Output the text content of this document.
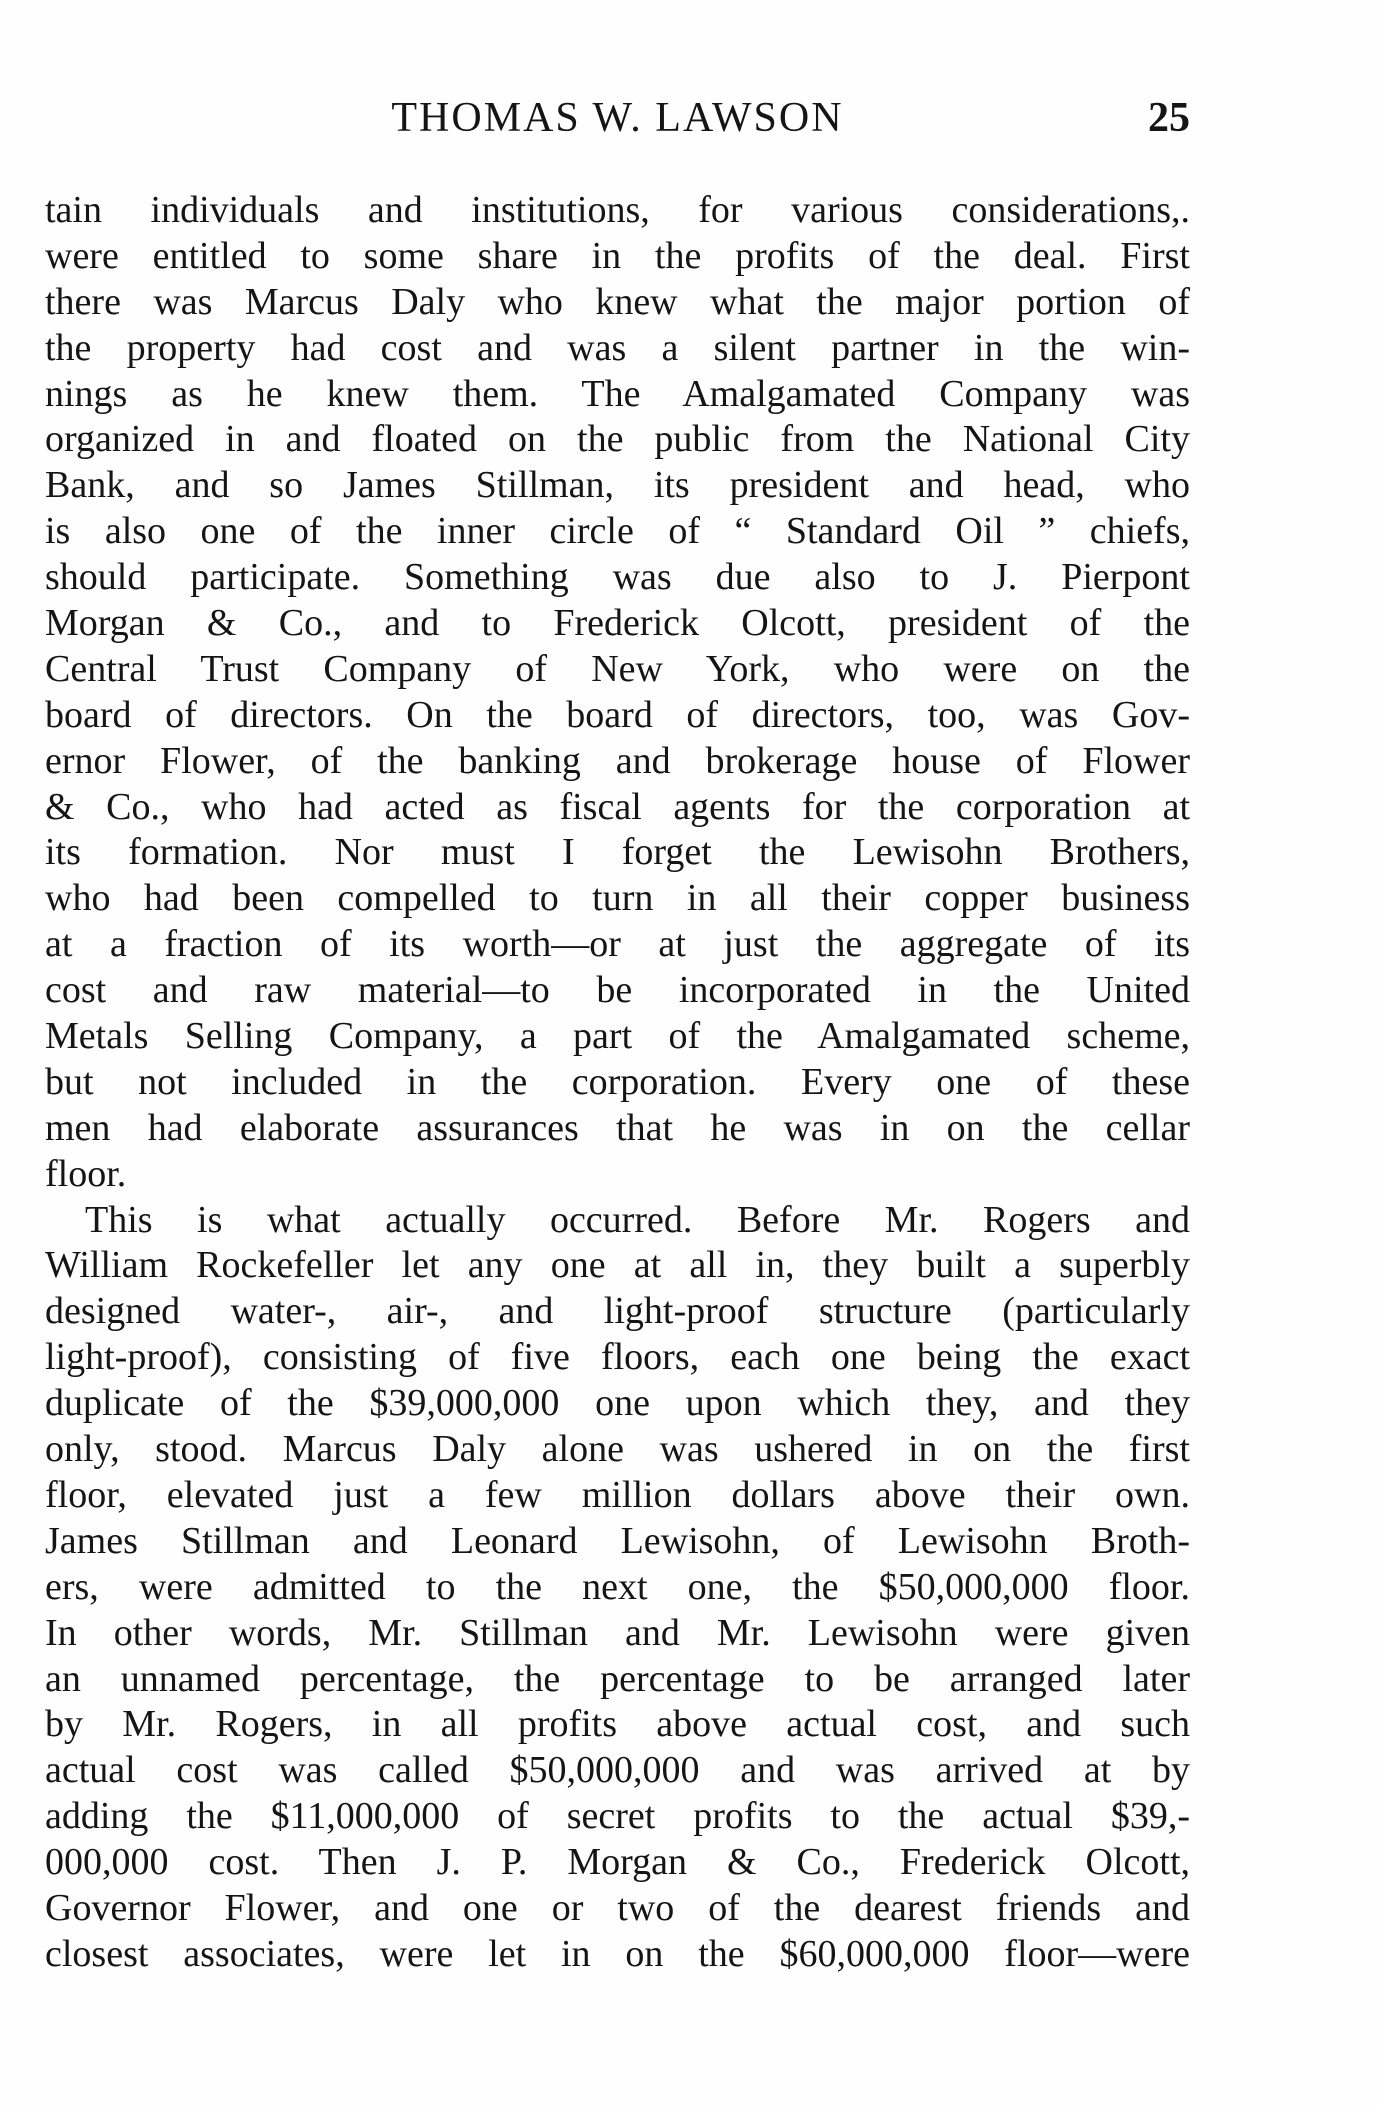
THOMAS W. LAWSON	25
tain individuals and institutions, for various considerations,.
were entitled to some share in the profits of the deal. First
there was Marcus Daly who knew what the major portion of
the property had cost and was a silent partner in the win-
nings as he knew them. The Amalgamated Company was
organized in and floated on the public from the National City
Bank, and so James Stillman, its president and head, who
is also one of the inner circle of “ Standard Oil ” chiefs,
should participate. Something was due also to J. Pierpont
Morgan & Co., and to Frederick Olcott, president of the
Central Trust Company of New York, who were on the
board of directors. On the board of directors, too, was Gov-
ernor Flower, of the banking and brokerage house of Flower
& Co., who had acted as fiscal agents for the corporation at
its formation. Nor must I forget the Lewisohn Brothers,
who had been compelled to turn in all their copper business
at a fraction of its worth—or at just the aggregate of its
cost and raw material—to be incorporated in the United
Metals Selling Company, a part of the Amalgamated scheme,
but not included in the corporation. Every one of these
men had elaborate assurances that he was in on the cellar
floor.
This is what actually occurred. Before Mr. Rogers and
William Rockefeller let any one at all in, they built a superbly
designed water-, air-, and light-proof structure (particularly
light-proof), consisting of five floors, each one being the exact
duplicate of the $39,000,000 one upon which they, and they
only, stood. Marcus Daly alone was ushered in on the first
floor, elevated just a few million dollars above their own.
James Stillman and Leonard Lewisohn, of Lewisohn Broth-
ers, were admitted to the next one, the $50,000,000 floor.
In other words, Mr. Stillman and Mr. Lewisohn were given
an unnamed percentage, the percentage to be arranged later
by Mr. Rogers, in all profits above actual cost, and such
actual cost was called $50,000,000 and was arrived at by
adding the $11,000,000 of secret profits to the actual $39,-
000,000 cost. Then J. P. Morgan & Co., Frederick Olcott,
Governor Flower, and one or two of the dearest friends and
closest associates, were let in on the $60,000,000 floor—were
